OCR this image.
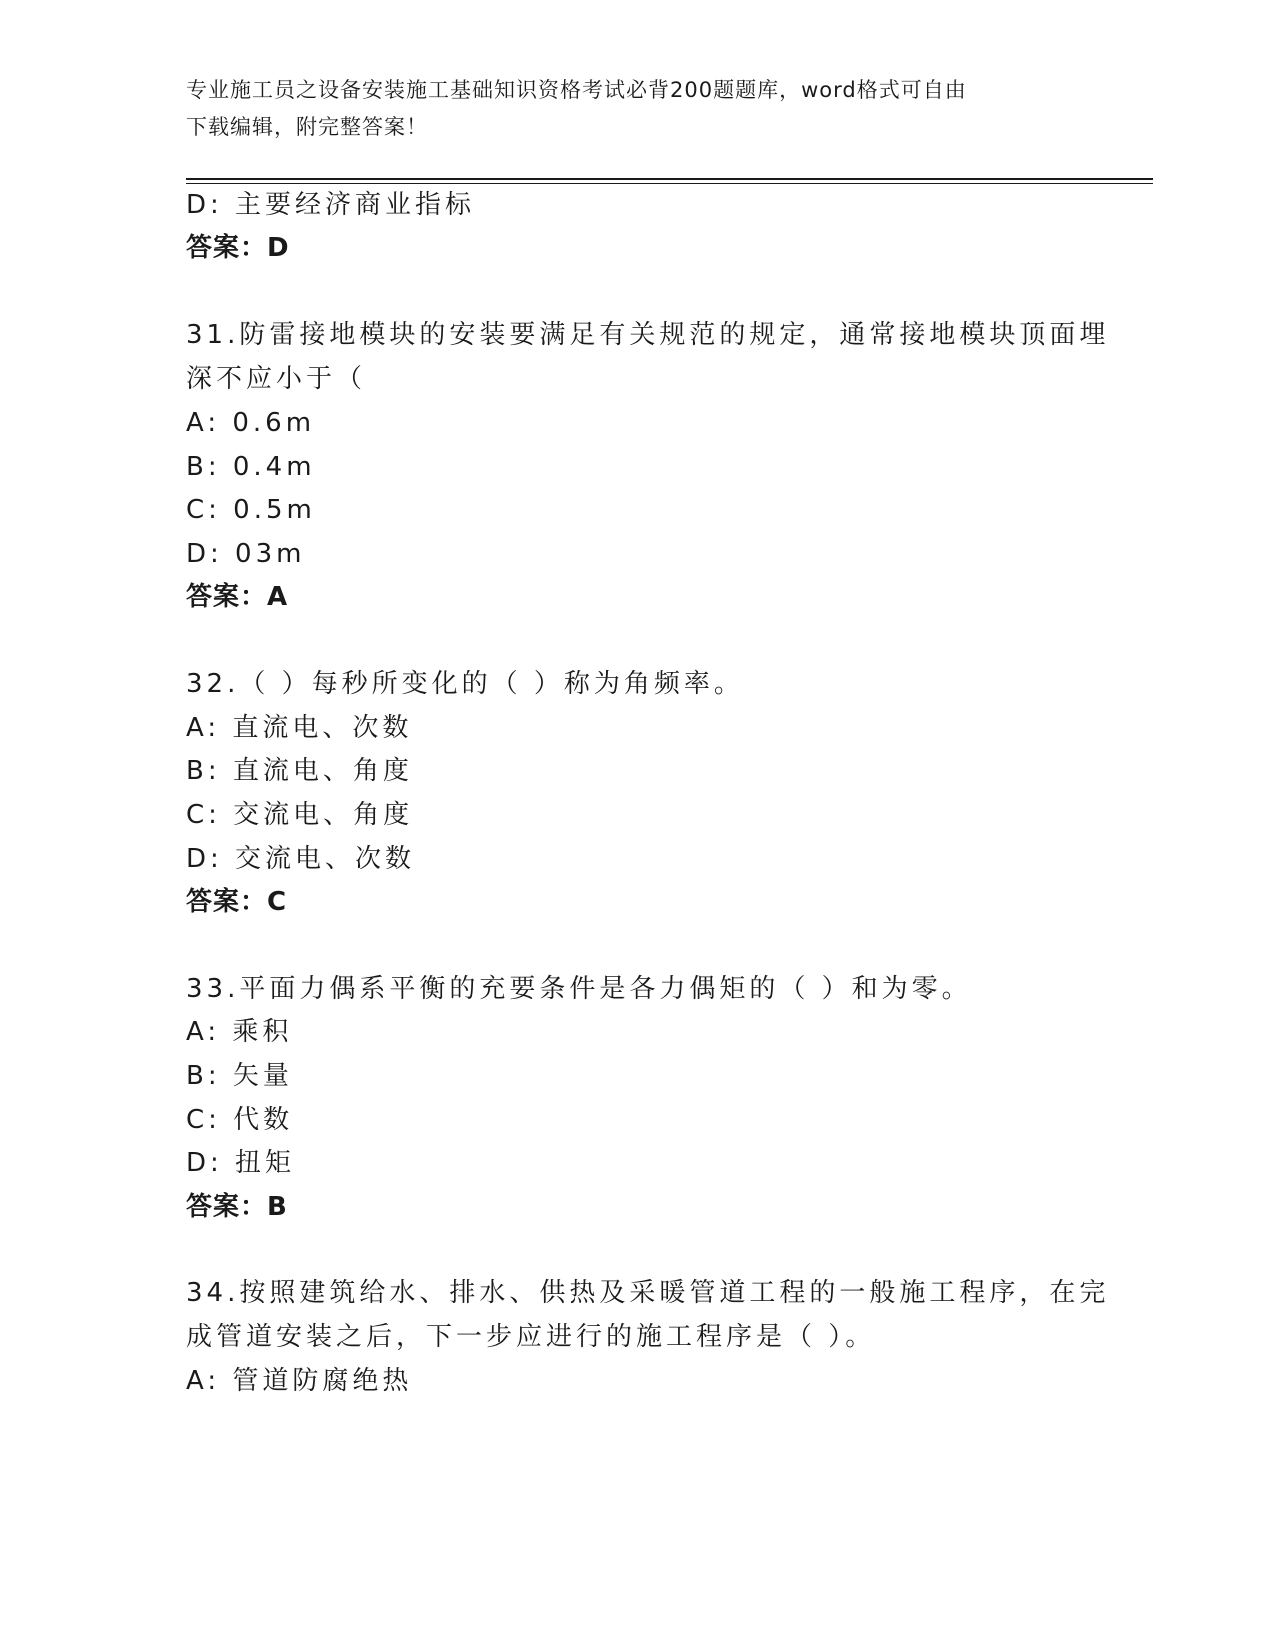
专业施工员之设备安装施工基础知识资格考试必背200题题库，word格式可自由
下载编辑，附完整答案！
D: 主要经济商业指标
答案：D
31.防雷接地模块的安装要满足有关规范的规定，通常接地模块顶面埋
深不应小于（
A: 0.6m
B: 0.4m
C: 0.5m
D: 03m
答案：A
32.（ ）每秒所变化的（ ）称为角频率。
A: 直流电、次数
B: 直流电、角度
C: 交流电、角度
D: 交流电、次数
答案：C
33.平面力偶系平衡的充要条件是各力偶矩的（ ）和为零。
A: 乘积
B: 矢量
C: 代数
D: 扭矩
答案：B
34.按照建筑给水、排水、供热及采暖管道工程的一般施工程序，在完
成管道安装之后，下一步应进行的施工程序是（ ）。
A: 管道防腐绝热
